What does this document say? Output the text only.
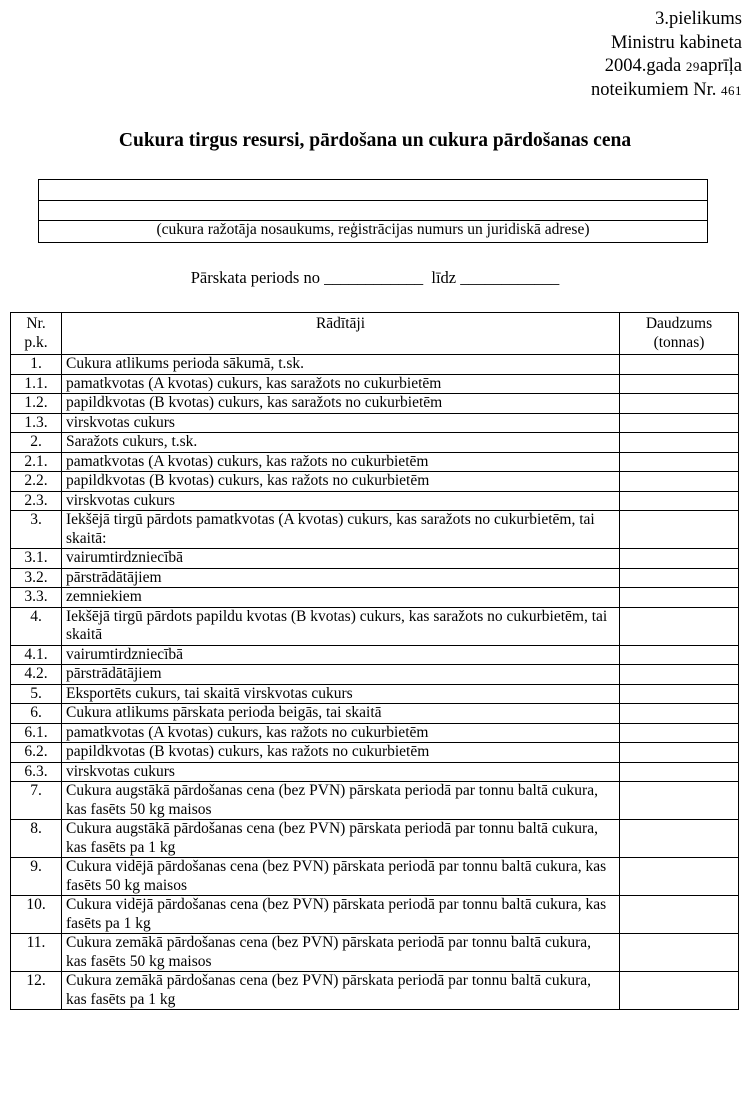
3.pielikums
Ministru kabineta
2004.gada 29aprīļa
noteikumiem Nr. 461
Cukura tirgus resursi, pārdošana un cukura pārdošanas cena
(cukura ražotāja nosaukums, reģistrācijas numurs un juridiskā adrese)
Pārskata periods no ____________ līdz ____________
Nr. p.k.	Rādītāji	Daudzums (tonnas)
1.	Cukura atlikums perioda sākumā, t.sk.	
1.1.	pamatkvotas (A kvotas) cukurs, kas saražots no cukurbietēm	
1.2.	papildkvotas (B kvotas) cukurs, kas saražots no cukurbietēm	
1.3.	virskvotas cukurs	
2.	Saražots cukurs, t.sk.	
2.1.	pamatkvotas (A kvotas) cukurs, kas ražots no cukurbietēm	
2.2.	papildkvotas (B kvotas) cukurs, kas ražots no cukurbietēm	
2.3.	virskvotas cukurs	
3.	Iekšējā tirgū pārdots pamatkvotas (A kvotas) cukurs, kas saražots no cukurbietēm, tai skaitā:	
3.1.	vairumtirdzniecībā	
3.2.	pārstrādātājiem	
3.3.	zemniekiem	
4.	Iekšējā tirgū pārdots papildu kvotas (B kvotas) cukurs, kas saražots no cukurbietēm, tai skaitā	
4.1.	vairumtirdzniecībā	
4.2.	pārstrādātājiem	
5.	Eksportēts cukurs, tai skaitā virskvotas cukurs	
6.	Cukura atlikums pārskata perioda beigās, tai skaitā	
6.1.	pamatkvotas (A kvotas) cukurs, kas ražots no cukurbietēm	
6.2.	papildkvotas (B kvotas) cukurs, kas ražots no cukurbietēm	
6.3.	virskvotas cukurs	
7.	Cukura augstākā pārdošanas cena (bez PVN) pārskata periodā par tonnu baltā cukura, kas fasēts 50 kg maisos	
8.	Cukura augstākā pārdošanas cena (bez PVN) pārskata periodā par tonnu baltā cukura, kas fasēts pa 1 kg	
9.	Cukura vidējā pārdošanas cena (bez PVN) pārskata periodā par tonnu baltā cukura, kas fasēts 50 kg maisos	
10.	Cukura vidējā pārdošanas cena (bez PVN) pārskata periodā par tonnu baltā cukura, kas fasēts pa 1 kg	
11.	Cukura zemākā pārdošanas cena (bez PVN) pārskata periodā par tonnu baltā cukura, kas fasēts 50 kg maisos	
12.	Cukura zemākā pārdošanas cena (bez PVN) pārskata periodā par tonnu baltā cukura, kas fasēts pa 1 kg	
